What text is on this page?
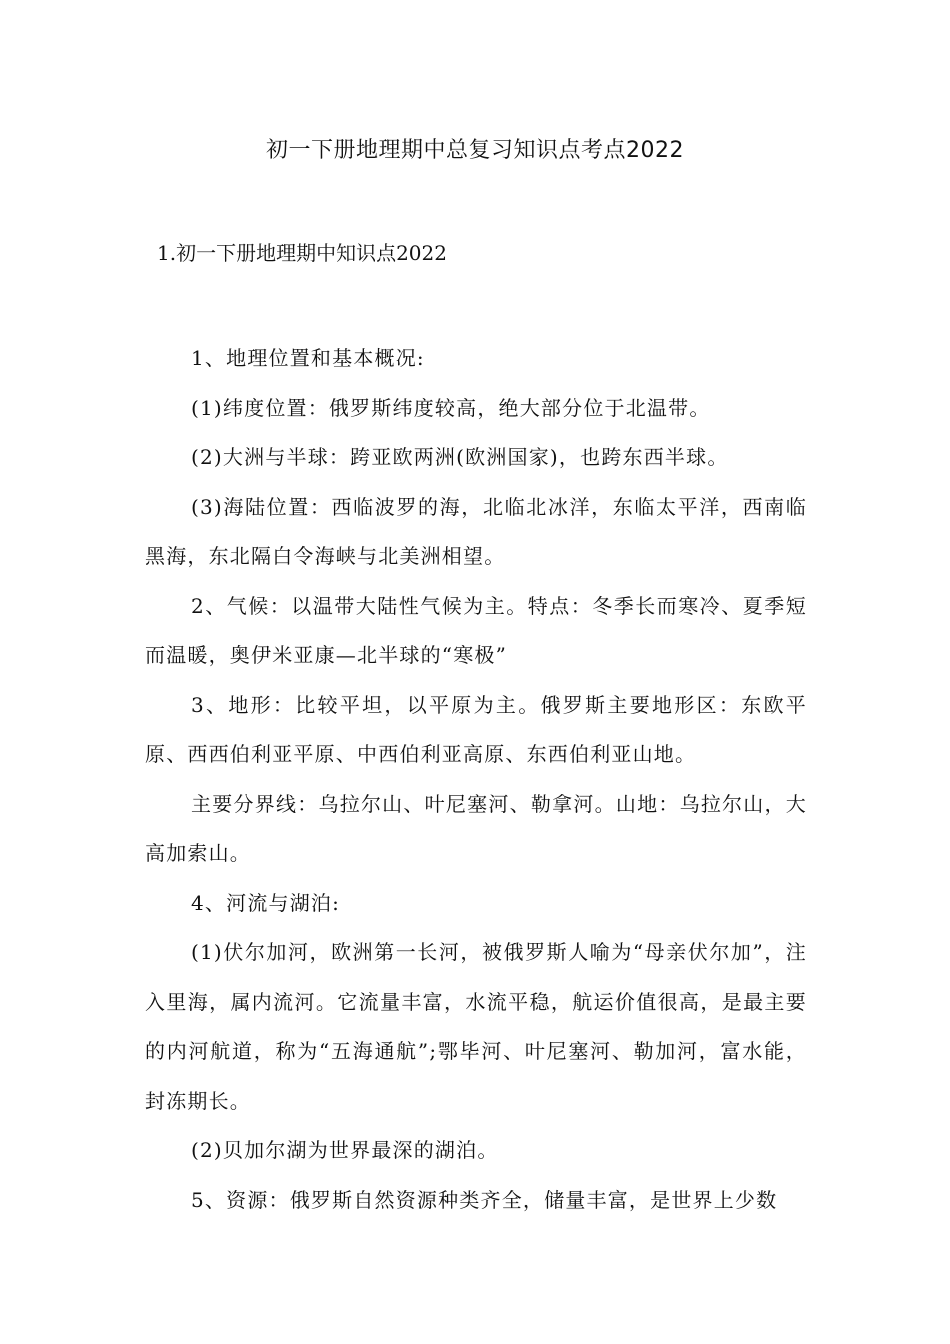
初一下册地理期中总复习知识点考点2022
1.初一下册地理期中知识点2022

1、地理位置和基本概况:

(1)纬度位置：俄罗斯纬度较高，绝大部分位于北温带。

(2)大洲与半球：跨亚欧两洲(欧洲国家)，也跨东西半球。

(3)海陆位置：西临波罗的海，北临北冰洋，东临太平洋，西南临黑海，东北隔白令海峡与北美洲相望。

2、气候：以温带大陆性气候为主。特点：冬季长而寒冷、夏季短而温暖，奥伊米亚康—北半球的“寒极”

3、地形：比较平坦，以平原为主。俄罗斯主要地形区：东欧平原、西西伯利亚平原、中西伯利亚高原、东西伯利亚山地。

主要分界线：乌拉尔山、叶尼塞河、勒拿河。山地：乌拉尔山，大高加索山。

4、河流与湖泊:

(1)伏尔加河，欧洲第一长河，被俄罗斯人喻为“母亲伏尔加”，注入里海，属内流河。它流量丰富，水流平稳，航运价值很高，是最主要的内河航道，称为“五海通航”;鄂毕河、叶尼塞河、勒加河，富水能，封冻期长。

(2)贝加尔湖为世界最深的湖泊。

5、资源：俄罗斯自然资源种类齐全，储量丰富，是世界上少数
